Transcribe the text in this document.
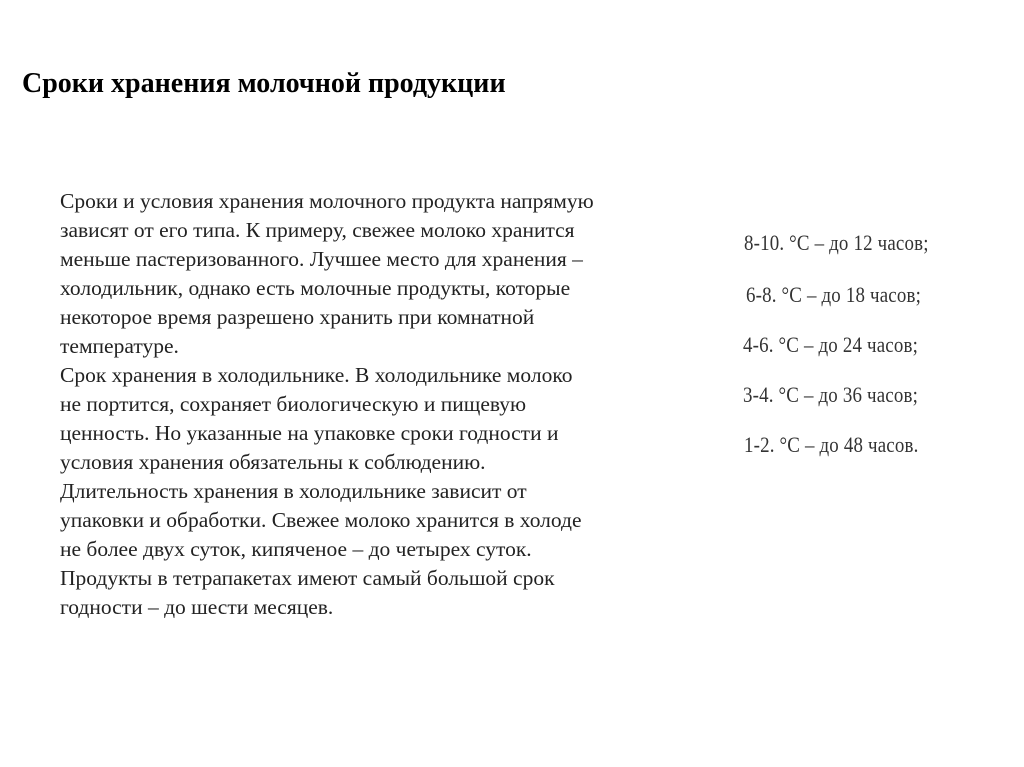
Сроки хранения молочной продукции
Сроки и условия хранения молочного продукта напрямую
зависят от его типа. К примеру, свежее молоко хранится
меньше пастеризованного. Лучшее место для хранения –
холодильник, однако есть молочные продукты, которые
некоторое время разрешено хранить при комнатной
температуре.
Срок хранения в холодильнике. В холодильнике молоко
не портится, сохраняет биологическую и пищевую
ценность. Но указанные на упаковке сроки годности и
условия хранения обязательны к соблюдению.
Длительность хранения в холодильнике зависит от
упаковки и обработки. Свежее молоко хранится в холоде
не более двух суток, кипяченое – до четырех суток.
Продукты в тетрапакетах имеют самый большой срок
годности – до шести месяцев.
8-10. °С – до 12 часов;
6-8. °С – до 18 часов;
4-6. °С – до 24 часов;
3-4. °С – до 36 часов;
1-2. °С – до 48 часов.
